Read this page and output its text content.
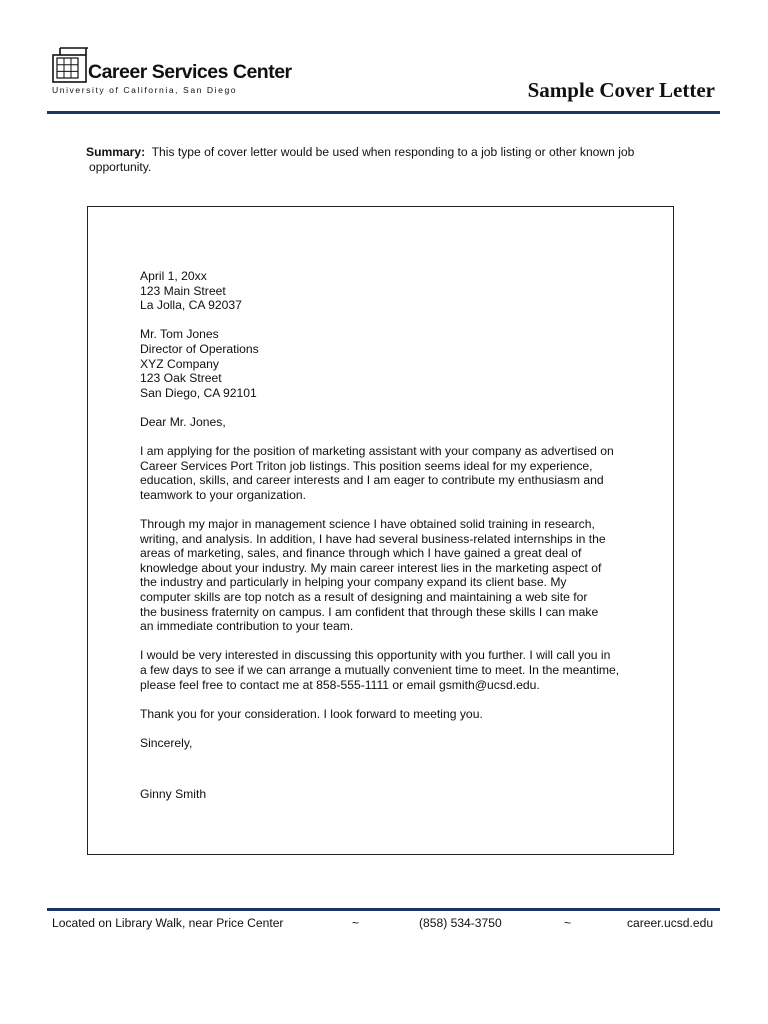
Career Services Center
University of California, San Diego	Sample Cover Letter
Summary: This type of cover letter would be used when responding to a job listing or other known job
opportunity.

April 1, 20xx

123 Main Street

La Jolla, CA 92037

Mr. Tom Jones

Director of Operations

XYZ Company

123 Oak Street

San Diego, CA 92101

Dear Mr. Jones,

I am applying for the position of marketing assistant with your company as advertised on

Career Services Port Triton job listings. This position seems ideal for my experience,

education, skills, and career interests and I am eager to contribute my enthusiasm and

teamwork to your organization.

Through my major in management science I have obtained solid training in research,

writing, and analysis. In addition, I have had several business-related internships in the

areas of marketing, sales, and finance through which I have gained a great deal of

knowledge about your industry. My main career interest lies in the marketing aspect of

the industry and particularly in helping your company expand its client base. My

computer skills are top notch as a result of designing and maintaining a web site for

the business fraternity on campus. I am confident that through these skills I can make

an immediate contribution to your team.

I would be very interested in discussing this opportunity with you further. I will call you in

a few days to see if we can arrange a mutually convenient time to meet. In the meantime,

please feel free to contact me at 858-555-1111 or email gsmith@ucsd.edu.

Thank you for your consideration. I look forward to meeting you.

Sincerely,

Ginny Smith

Located on Library Walk, near Price Center	~	(858) 534-3750	~	career.ucsd.edu
